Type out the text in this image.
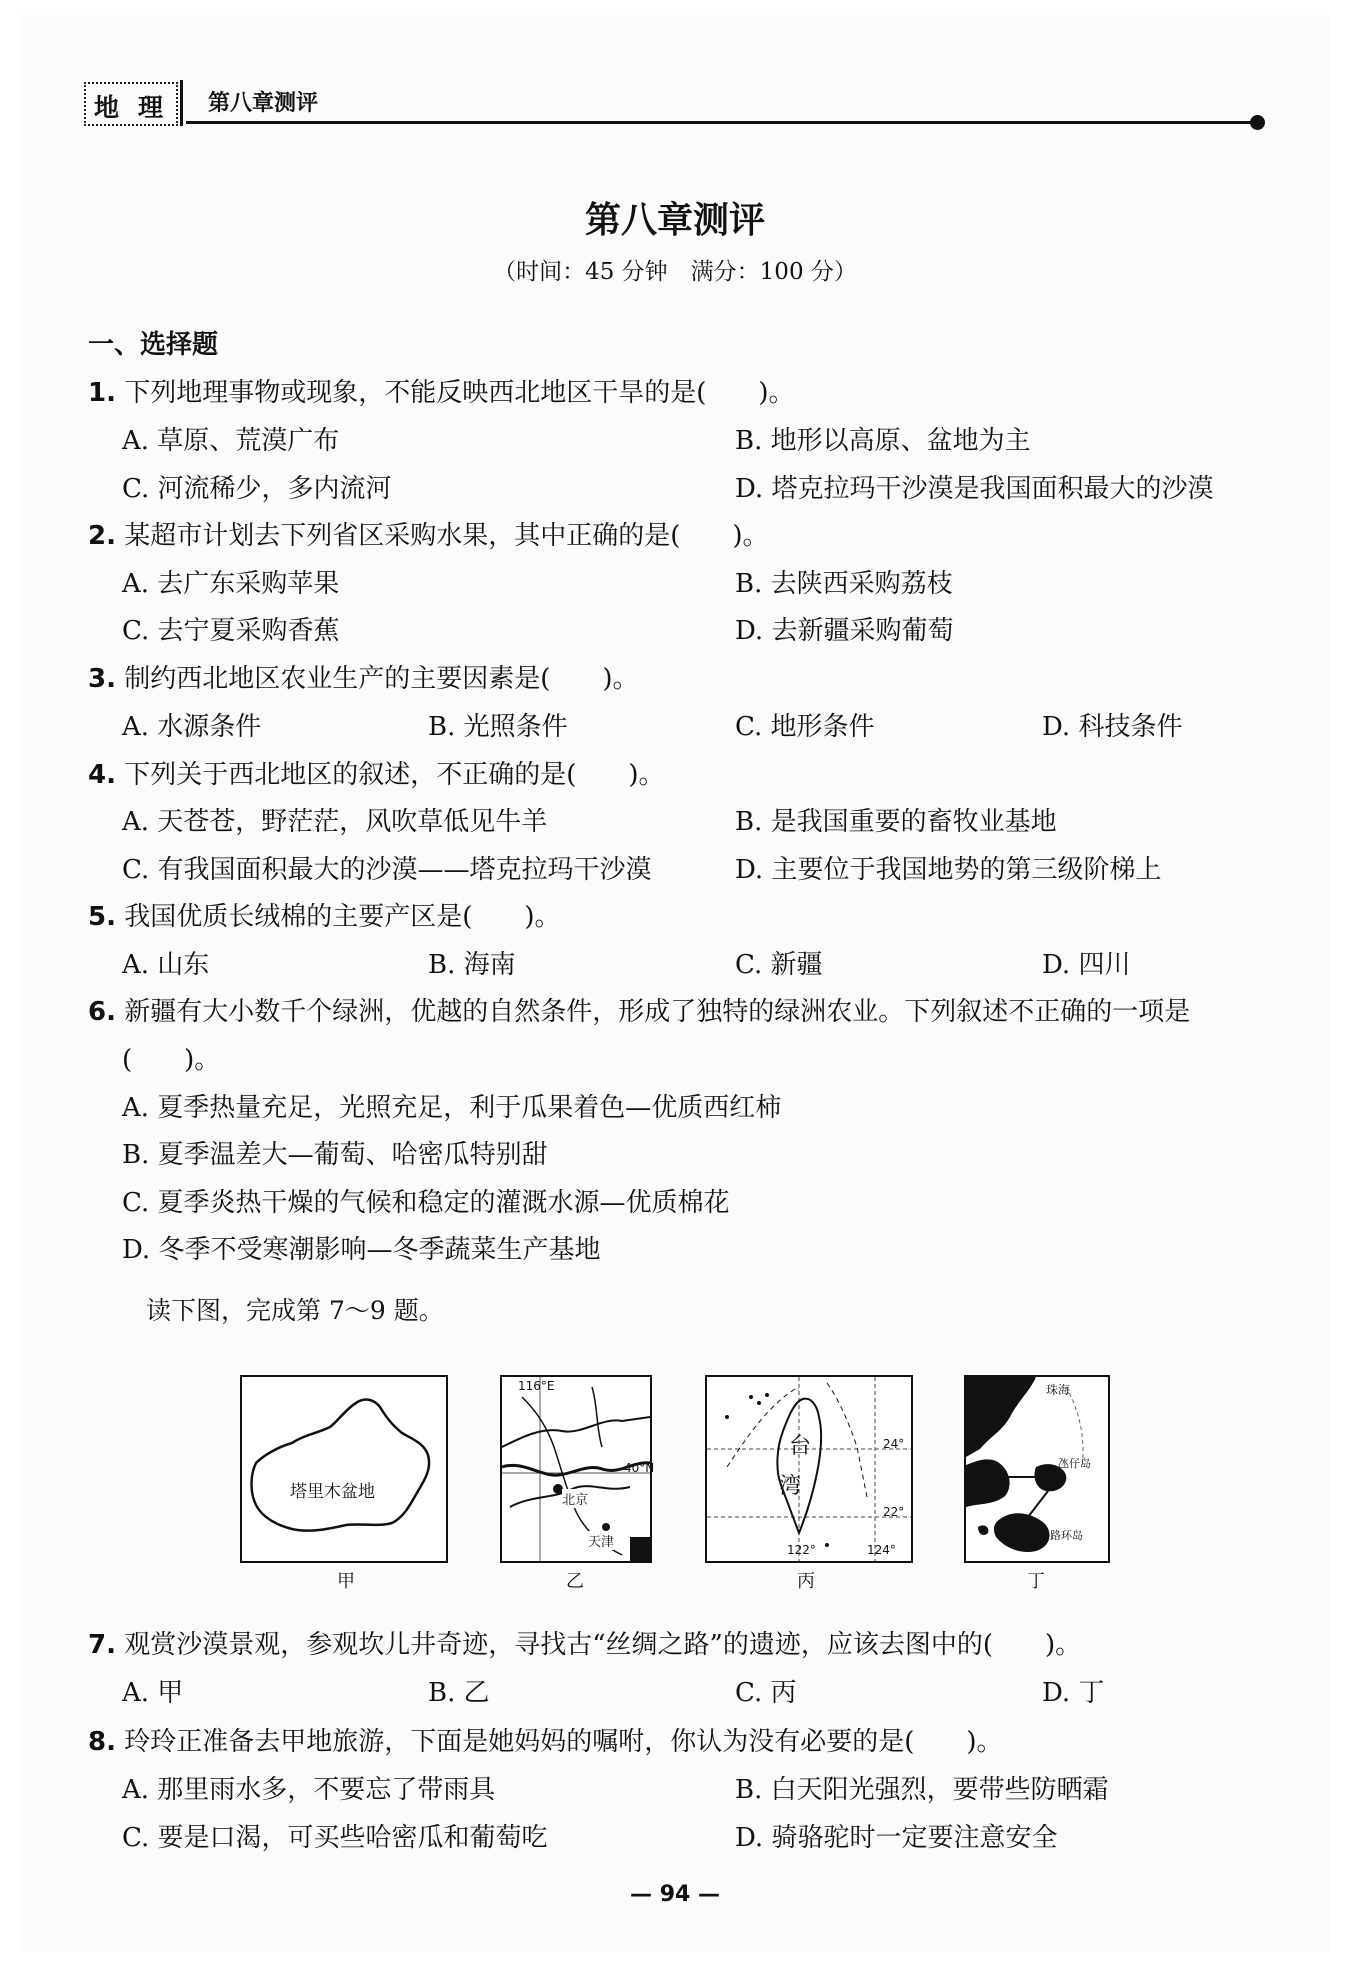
地 理 第八章测评
第八章测评
（时间：45 分钟　满分：100 分）
一、选择题
1. 下列地理事物或现象，不能反映西北地区干旱的是(　　)。
A. 草原、荒漠广布	B. 地形以高原、盆地为主
C. 河流稀少，多内流河	D. 塔克拉玛干沙漠是我国面积最大的沙漠
2. 某超市计划去下列省区采购水果，其中正确的是(　　)。
A. 去广东采购苹果	B. 去陕西采购荔枝
C. 去宁夏采购香蕉	D. 去新疆采购葡萄
3. 制约西北地区农业生产的主要因素是(　　)。
A. 水源条件	B. 光照条件	C. 地形条件	D. 科技条件
4. 下列关于西北地区的叙述，不正确的是(　　)。
A. 天苍苍，野茫茫，风吹草低见牛羊	B. 是我国重要的畜牧业基地
C. 有我国面积最大的沙漠——塔克拉玛干沙漠	D. 主要位于我国地势的第三级阶梯上
5. 我国优质长绒棉的主要产区是(　　)。
A. 山东	B. 海南	C. 新疆	D. 四川
6. 新疆有大小数千个绿洲，优越的自然条件，形成了独特的绿洲农业。下列叙述不正确的一项是
(　　)。
A. 夏季热量充足，光照充足，利于瓜果着色—优质西红柿
B. 夏季温差大—葡萄、哈密瓜特别甜
C. 夏季炎热干燥的气候和稳定的灌溉水源—优质棉花
D. 冬季不受寒潮影响—冬季蔬菜生产基地
读下图，完成第 7～9 题。
塔里木盆地
甲
116°E
40°N
北京
天津
乙
台
湾
24°
22°
122°	124°
丙
珠海
澳门
氹仔岛
路环岛
丁
7. 观赏沙漠景观，参观坎儿井奇迹，寻找古“丝绸之路”的遗迹，应该去图中的(　　)。
A. 甲	B. 乙	C. 丙	D. 丁
8. 玲玲正准备去甲地旅游，下面是她妈妈的嘱咐，你认为没有必要的是(　　)。
A. 那里雨水多，不要忘了带雨具	B. 白天阳光强烈，要带些防晒霜
C. 要是口渴，可买些哈密瓜和葡萄吃	D. 骑骆驼时一定要注意安全
— 94 —
